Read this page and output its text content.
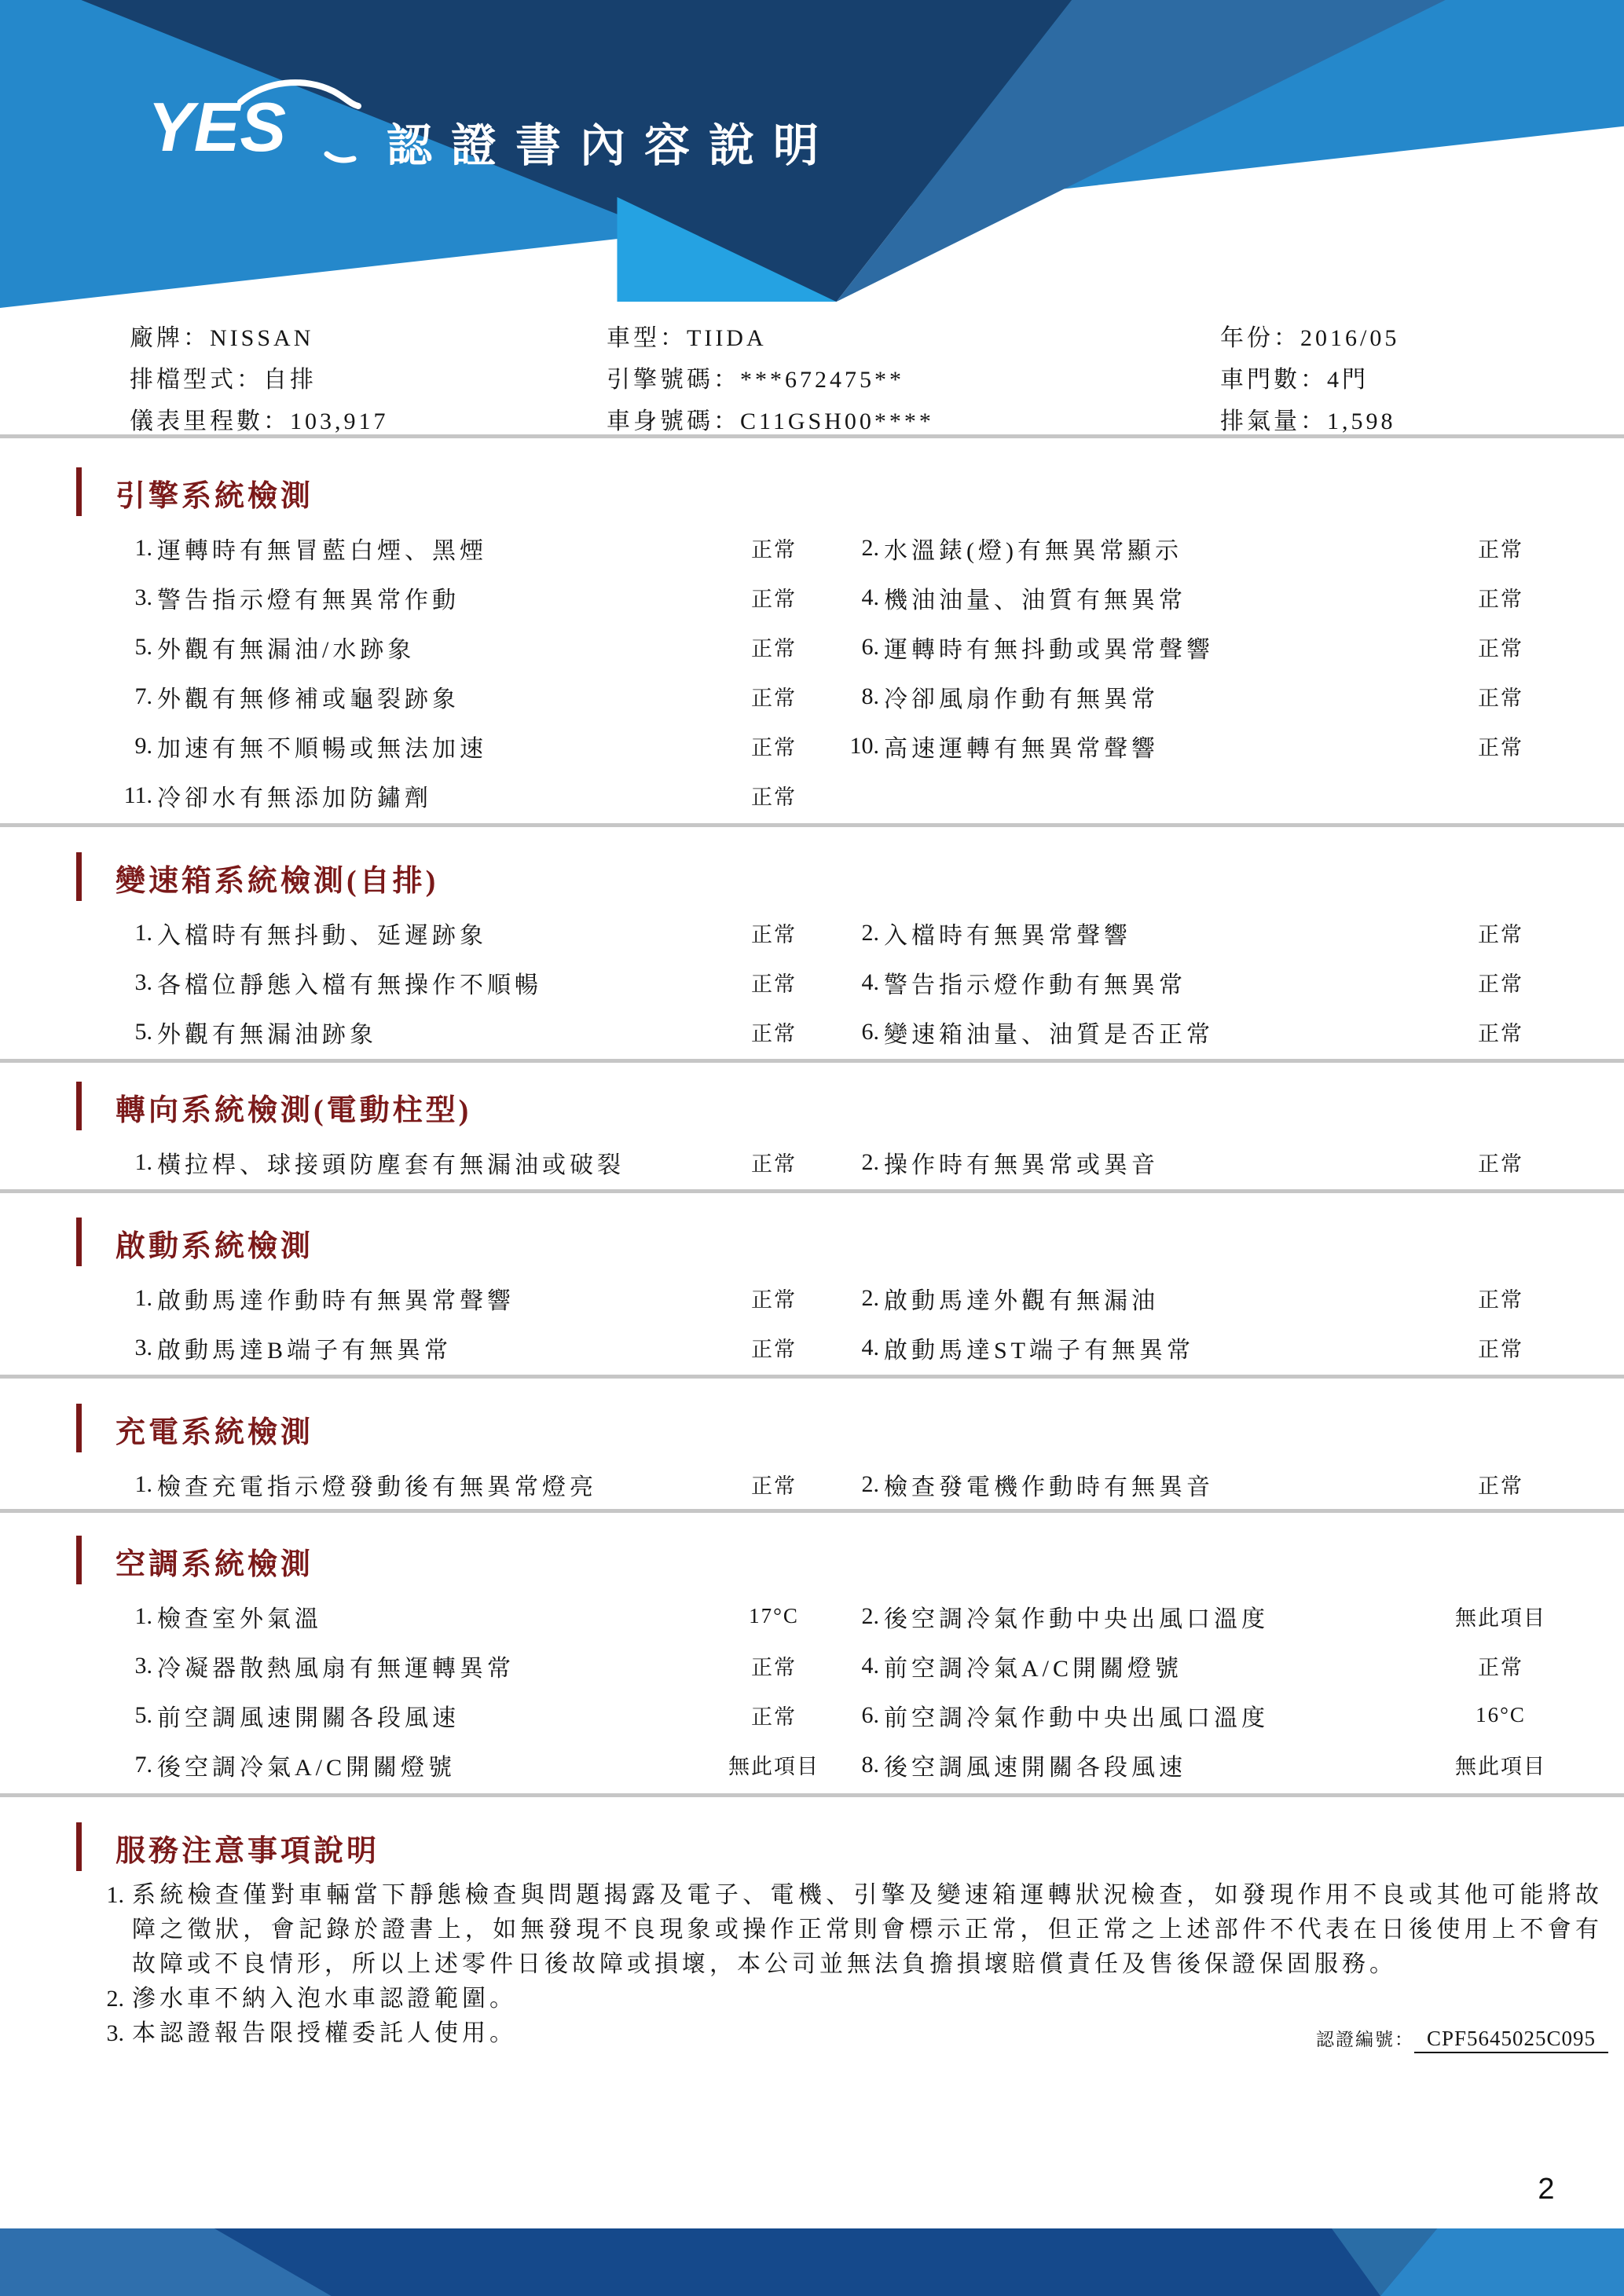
YES 認證書內容說明
廠牌：NISSAN	車型：TIIDA	年份：2016/05
排檔型式：自排	引擎號碼：***672475**	車門數：4門
儀表里程數：103,917	車身號碼：C11GSH00****	排氣量：1,598
引擎系統檢測
1. 運轉時有無冒藍白煙、黑煙	正常	2. 水溫錶(燈)有無異常顯示	正常
3. 警告指示燈有無異常作動	正常	4. 機油油量、油質有無異常	正常
5. 外觀有無漏油/水跡象	正常	6. 運轉時有無抖動或異常聲響	正常
7. 外觀有無修補或龜裂跡象	正常	8. 冷卻風扇作動有無異常	正常
9. 加速有無不順暢或無法加速	正常	10. 高速運轉有無異常聲響	正常
11. 冷卻水有無添加防鏽劑	正常
變速箱系統檢測(自排)
1. 入檔時有無抖動、延遲跡象	正常	2. 入檔時有無異常聲響	正常
3. 各檔位靜態入檔有無操作不順暢	正常	4. 警告指示燈作動有無異常	正常
5. 外觀有無漏油跡象	正常	6. 變速箱油量、油質是否正常	正常
轉向系統檢測(電動柱型)
1. 橫拉桿、球接頭防塵套有無漏油或破裂	正常	2. 操作時有無異常或異音	正常
啟動系統檢測
1. 啟動馬達作動時有無異常聲響	正常	2. 啟動馬達外觀有無漏油	正常
3. 啟動馬達B端子有無異常	正常	4. 啟動馬達ST端子有無異常	正常
充電系統檢測
1. 檢查充電指示燈發動後有無異常燈亮	正常	2. 檢查發電機作動時有無異音	正常
空調系統檢測
1. 檢查室外氣溫	17°C	2. 後空調冷氣作動中央出風口溫度	無此項目
3. 冷凝器散熱風扇有無運轉異常	正常	4. 前空調冷氣A/C開關燈號	正常
5. 前空調風速開關各段風速	正常	6. 前空調冷氣作動中央出風口溫度	16°C
7. 後空調冷氣A/C開關燈號	無此項目	8. 後空調風速開關各段風速	無此項目
服務注意事項說明
1. 系統檢查僅對車輛當下靜態檢查與問題揭露及電子、電機、引擎及變速箱運轉狀況檢查，如發現作用不良或其他可能將故障之徵狀，會記錄於證書上，如無發現不良現象或操作正常則會標示正常，但正常之上述部件不代表在日後使用上不會有故障或不良情形，所以上述零件日後故障或損壞，本公司並無法負擔損壞賠償責任及售後保證保固服務。

2. 滲水車不納入泡水車認證範圍。

3. 本認證報告限授權委託人使用。	認證編號： CPF5645025C095
2
